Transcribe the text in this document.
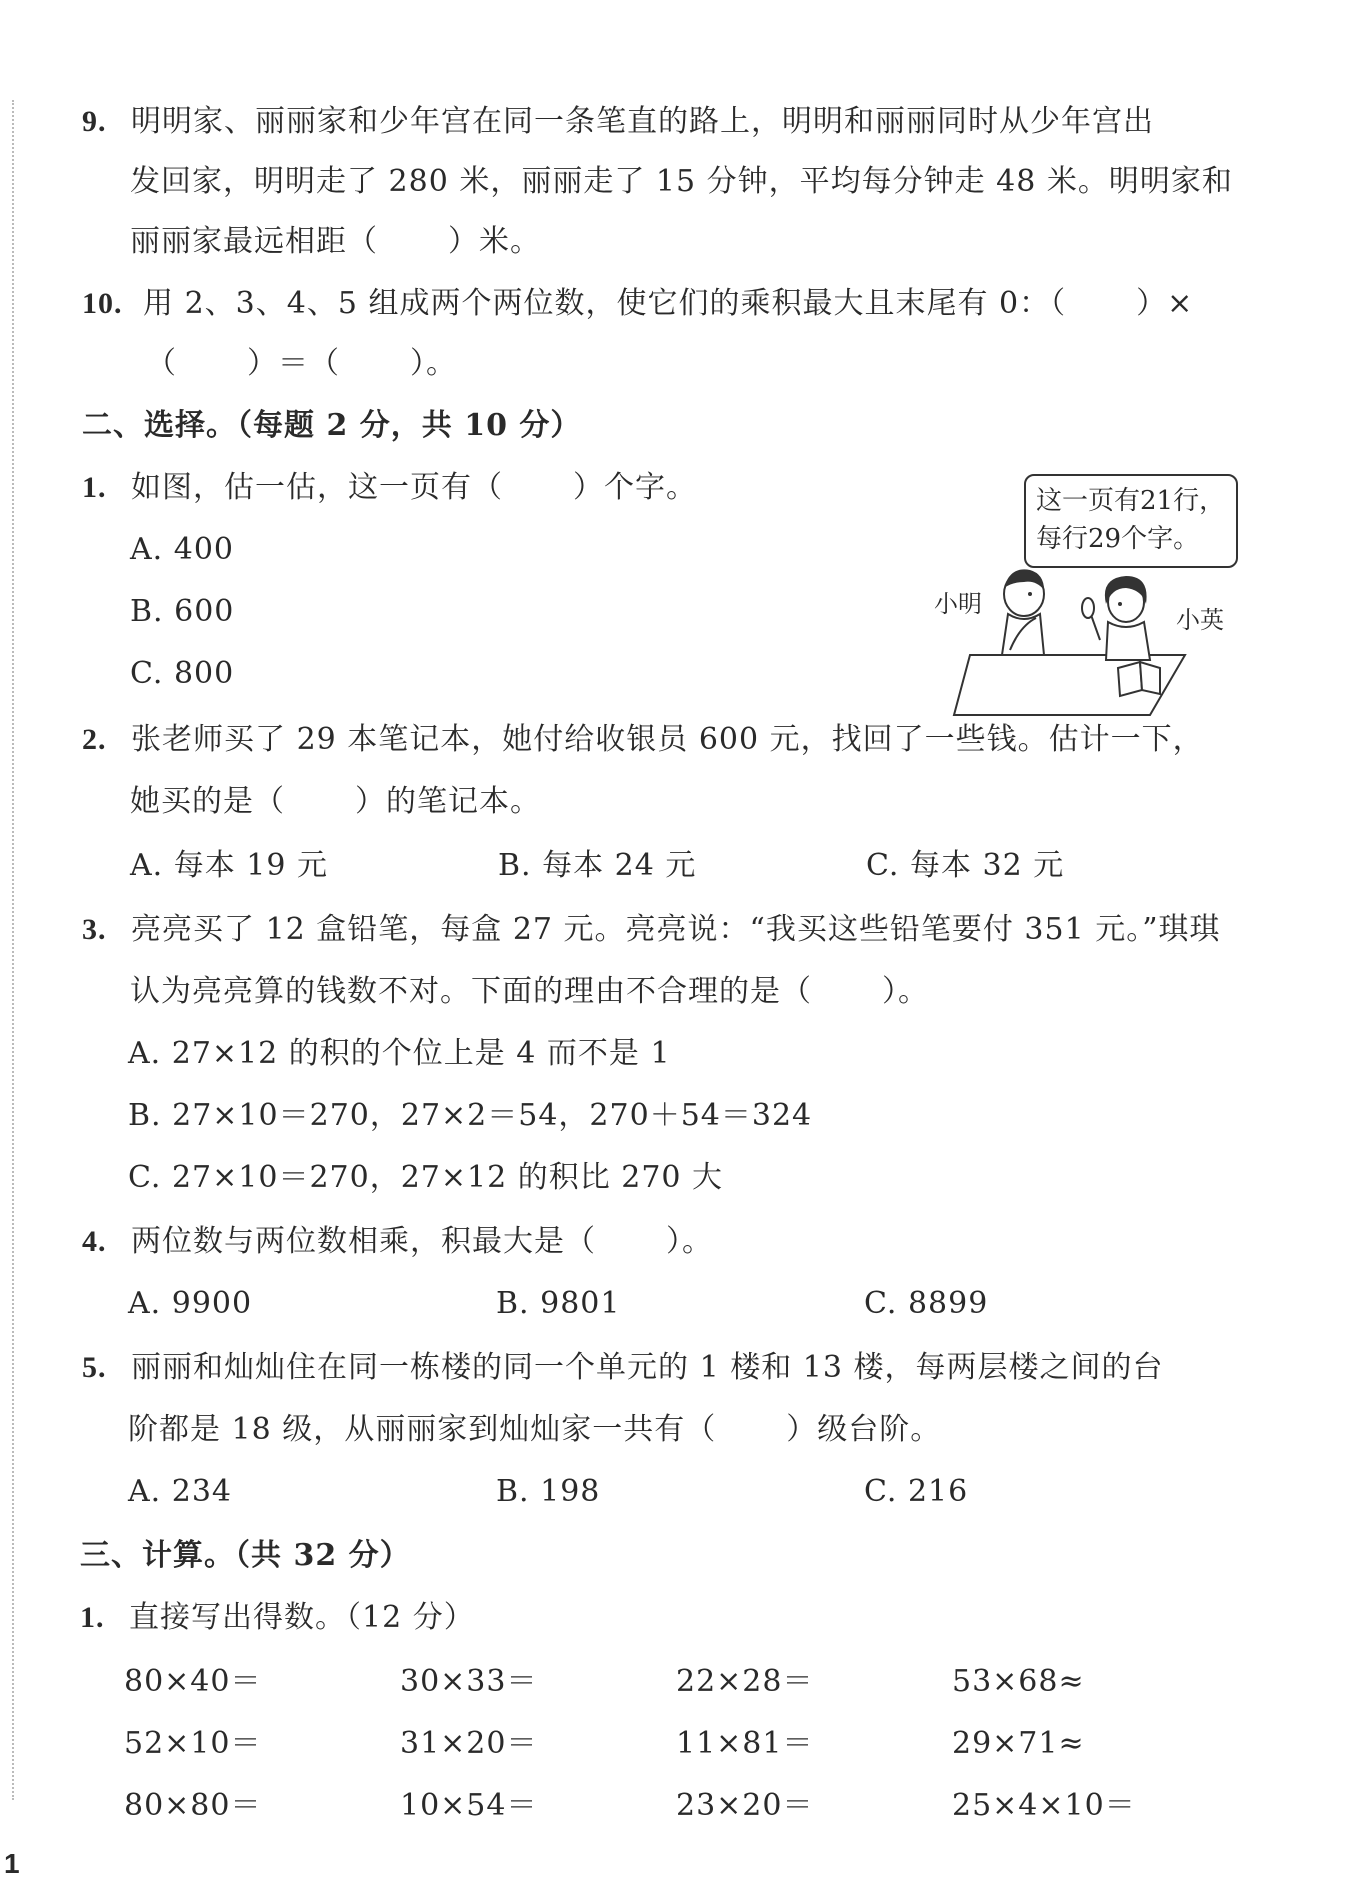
9. 明明家、丽丽家和少年宫在同一条笔直的路上，明明和丽丽同时从少年宫出
发回家，明明走了 280 米，丽丽走了 15 分钟，平均每分钟走 48 米。明明家和
丽丽家最远相距（ ）米。
10. 用 2、3、4、5 组成两个两位数，使它们的乘积最大且末尾有 0：（ ）×
（ ）＝（ ）。
二、选择。（每题 2 分，共 10 分）
1. 如图，估一估，这一页有（ ）个字。
A. 400
B. 600
C. 800
这一页有21行，
每行29个字。
小明
小英
2. 张老师买了 29 本笔记本，她付给收银员 600 元，找回了一些钱。估计一下，
她买的是（ ）的笔记本。
A. 每本 19 元	B. 每本 24 元	C. 每本 32 元
3. 亮亮买了 12 盒铅笔，每盒 27 元。亮亮说：“我买这些铅笔要付 351 元。”琪琪
认为亮亮算的钱数不对。下面的理由不合理的是（ ）。
A. 27×12 的积的个位上是 4 而不是 1
B. 27×10＝270，27×2＝54，270＋54＝324
C. 27×10＝270，27×12 的积比 270 大
4. 两位数与两位数相乘，积最大是（ ）。
A. 9900	B. 9801	C. 8899
5. 丽丽和灿灿住在同一栋楼的同一个单元的 1 楼和 13 楼，每两层楼之间的台
阶都是 18 级，从丽丽家到灿灿家一共有（ ）级台阶。
A. 234	B. 198	C. 216
三、计算。（共 32 分）
1. 直接写出得数。（12 分）
80×40＝	30×33＝	22×28＝	53×68≈
52×10＝	31×20＝	11×81＝	29×71≈
80×80＝	10×54＝	23×20＝	25×4×10＝
1
